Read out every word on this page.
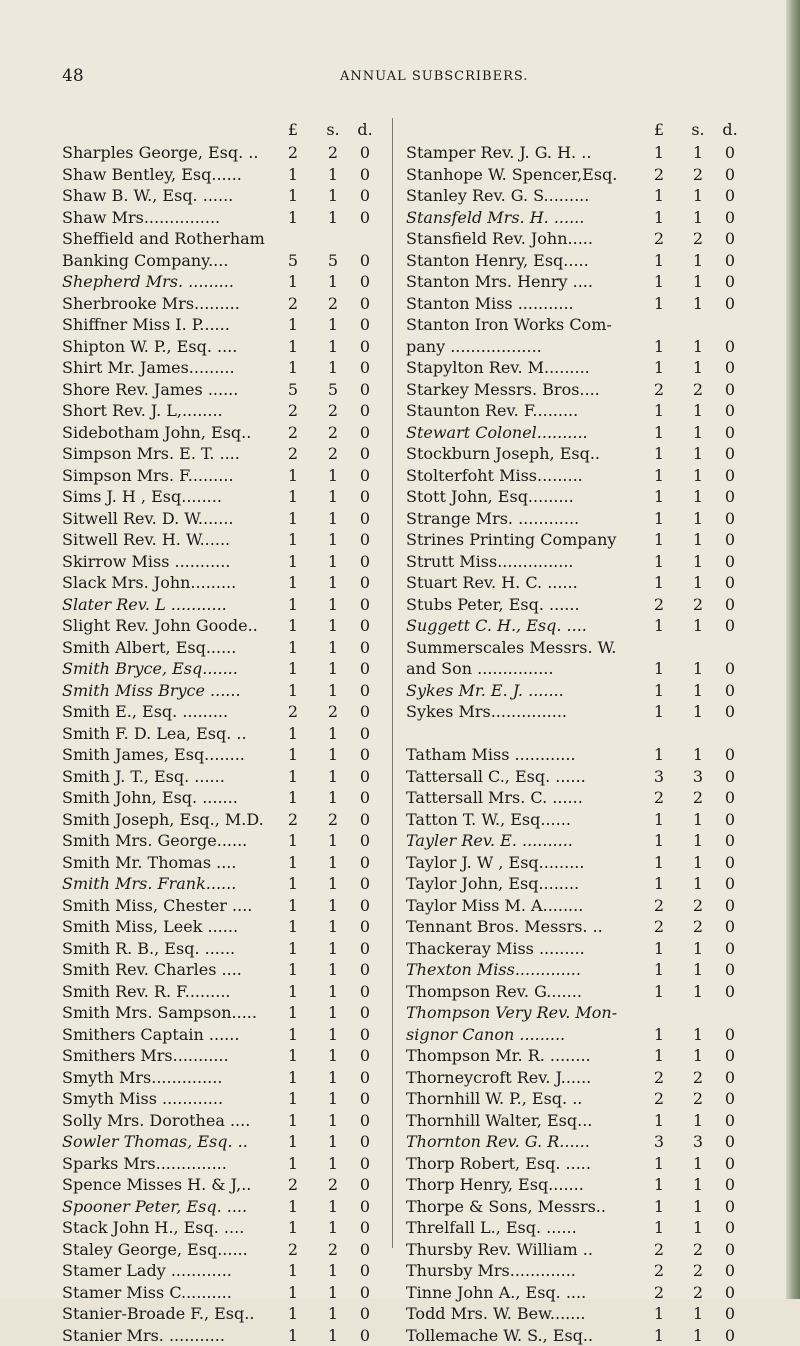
48	ANNUAL SUBSCRIBERS.
£ s. d.
Sharples George, Esq. .. 2 2 0
Shaw Bentley, Esq......	1 1 0
Shaw B. W., Esq. ......	1 1 0
Shaw Mrs...............	1 1 0
Sheffield and Rotherham
Banking Company....	5 5 0
Shepherd Mrs. .........	1 1 0
Sherbrooke Mrs.........	2 2 0
Shiffner Miss I. P......	1 1 0
Shipton W. P., Esq. ....	1 1 0
Shirt Mr. James.........	1 1 0
Shore Rev. James ......	5 5 0
Short Rev. J. L,........	2 2 0
Sidebotham John, Esq.. 2 2 0
Simpson Mrs. E. T. ....	2 2 0
Simpson Mrs. F.........	1 1 0
Sims J. H , Esq........	1 1 0
Sitwell Rev. D. W.......	1 1 0
Sitwell Rev. H. W......	1 1 0
Skirrow Miss ...........	1 1 0
Slack Mrs. John.........	1 1 0
Slater Rev. L ...........	1 1 0
Slight Rev. John Goode.. 1 1 0
Smith Albert, Esq......	1 1 0
Smith Bryce, Esq.......	1 1 0
Smith Miss Bryce ......	1 1 0
Smith E., Esq. .........	2 2 0
Smith F. D. Lea, Esq. ..	1 1 0
Smith James, Esq........	1 1 0
Smith J. T., Esq. ......	1 1 0
Smith John, Esq. .......	1 1 0
Smith Joseph, Esq., M.D. 2 2 0
Smith Mrs. George......	1 1 0
Smith Mr. Thomas ....	1 1 0
Smith Mrs. Frank......	1 1 0
Smith Miss, Chester .... 1 1 0
Smith Miss, Leek ......	1 1 0
Smith R. B., Esq. ......	1 1 0
Smith Rev. Charles ....	1 1 0
Smith Rev. R. F.........	1 1 0
Smith Mrs. Sampson..... 1 1 0
Smithers Captain ......	1 1 0
Smithers Mrs...........	1 1 0
Smyth Mrs..............	1 1 0
Smyth Miss ............	1 1 0
Solly Mrs. Dorothea .... 1 1 0
Sowler Thomas, Esq. ..	1 1 0
Sparks Mrs..............	1 1 0
Spence Misses H. & J,.. 2 2 0
Spooner Peter, Esq. ....	1 1 0
Stack John H., Esq. ....	1 1 0
Staley George, Esq......	2 2 0
Stamer Lady ............	1 1 0
Stamer Miss C..........	1 1 0
Stanier-Broade F., Esq.. 1 1 0
Stanier Mrs. ...........	1 1 0
£ s. d.
Stamper Rev. J. G. H. ..	1 1 0
Stanhope W. Spencer,Esq. 2 2 0
Stanley Rev. G. S.........	1 1 0
Stansfeld Mrs. H. ......	1 1 0
Stansfield Rev. John.....	2 2 0
Stanton Henry, Esq.....	1 1 0
Stanton Mrs. Henry ....	1 1 0
Stanton Miss ...........	1 1 0
Stanton Iron Works Com-
pany ..................	1 1 0
Stapylton Rev. M.........	1 1 0
Starkey Messrs. Bros....	2 2 0
Staunton Rev. F.........	1 1 0
Stewart Colonel..........	1 1 0
Stockburn Joseph, Esq..	1 1 0
Stolterfoht Miss.........	1 1 0
Stott John, Esq.........	1 1 0
Strange Mrs. ............	1 1 0
Strines Printing Company 1 1 0
Strutt Miss...............	1 1 0
Stuart Rev. H. C. ......	1 1 0
Stubs Peter, Esq. ......	2 2 0
Suggett C. H., Esq. ....	1 1 0
Summerscales Messrs. W.
and Son ...............	1 1 0
Sykes Mr. E. J. .......	1 1 0
Sykes Mrs...............	1 1 0
Tatham Miss ............	1 1 0
Tattersall C., Esq. ......	3 3 0
Tattersall Mrs. C. ......	2 2 0
Tatton T. W., Esq......	1 1 0
Tayler Rev. E. ..........	1 1 0
Taylor J. W , Esq.........	1 1 0
Taylor John, Esq........	1 1 0
Taylor Miss M. A........	2 2 0
Tennant Bros. Messrs. ..	2 2 0
Thackeray Miss .........	1 1 0
Thexton Miss.............	1 1 0
Thompson Rev. G.......	1 1 0
Thompson Very Rev. Mon-
signor Canon .........	1 1 0
Thompson Mr. R. ........	1 1 0
Thorneycroft Rev. J......	2 2 0
Thornhill W. P., Esq. ..	2 2 0
Thornhill Walter, Esq...	1 1 0
Thornton Rev. G. R......	3 3 0
Thorp Robert, Esq. .....	1 1 0
Thorp Henry, Esq.......	1 1 0
Thorpe & Sons, Messrs..	1 1 0
Threlfall L., Esq. ......	1 1 0
Thursby Rev. William ..	2 2 0
Thursby Mrs.............	2 2 0
Tinne John A., Esq. ....	2 2 0
Todd Mrs. W. Bew.......	1 1 0
Tollemache W. S., Esq..	1 1 0
